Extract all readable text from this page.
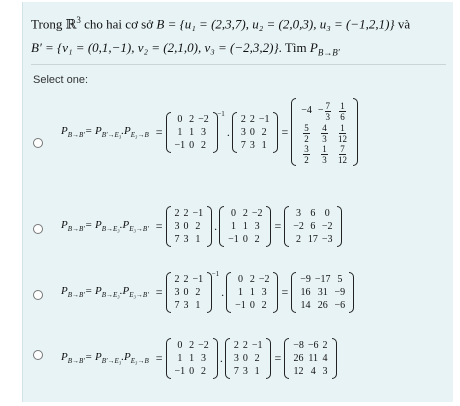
Trong ℝ$^3$ cho hai cơ sở B = {u₁ = (2,3,7), u₂ = (2,0,3), u₃ = (−1,2,1)} và
B′ = {v₁ = (0,1,−1), v₂ = (2,1,0), v₃ = (−2,3,2)}. Tìm $P_{B\to B'}$
Select one:
$P_{B\to B'}= P_{B'\to E_3}.P_{E_3\to B}$ =
0 2 −2
1 1 3
−1 0 2
$^{-1}$
.
2 2 −1
3 0 2
7 3 1
=
$-4 - \frac{7}{3} \frac{1}{6}$
$\frac{5}{2} \frac{4}{3} \frac{1}{12}$
$\frac{3}{2} \frac{1}{3} \frac{7}{12}$
$P_{B\to B'}= P_{B\to E_3}.P_{E_3\to B'}$ =
2 2 −1
3 0 2
7 3 1
.
0 2 −2
1 1 3
−1 0 2
=
3 6 0
−2 6 −2
2 17 −3
$P_{B\to B'}= P_{B\to E_3}.P_{E_3\to B'}$ =
2 2 −1
3 0 2
7 3 1
$^{-1}$
.
0 2 −2
1 1 3
−1 0 2
=
−9 −17 5
16 31 −9
14 26 −6
$P_{B\to B'}= P_{B'\to E_3}.P_{E_3\to B}$ =
0 2 −2
1 1 3
−1 0 2
.
2 2 −1
3 0 2
7 3 1
=
−8 −6 2
26 11 4
12 4 3
